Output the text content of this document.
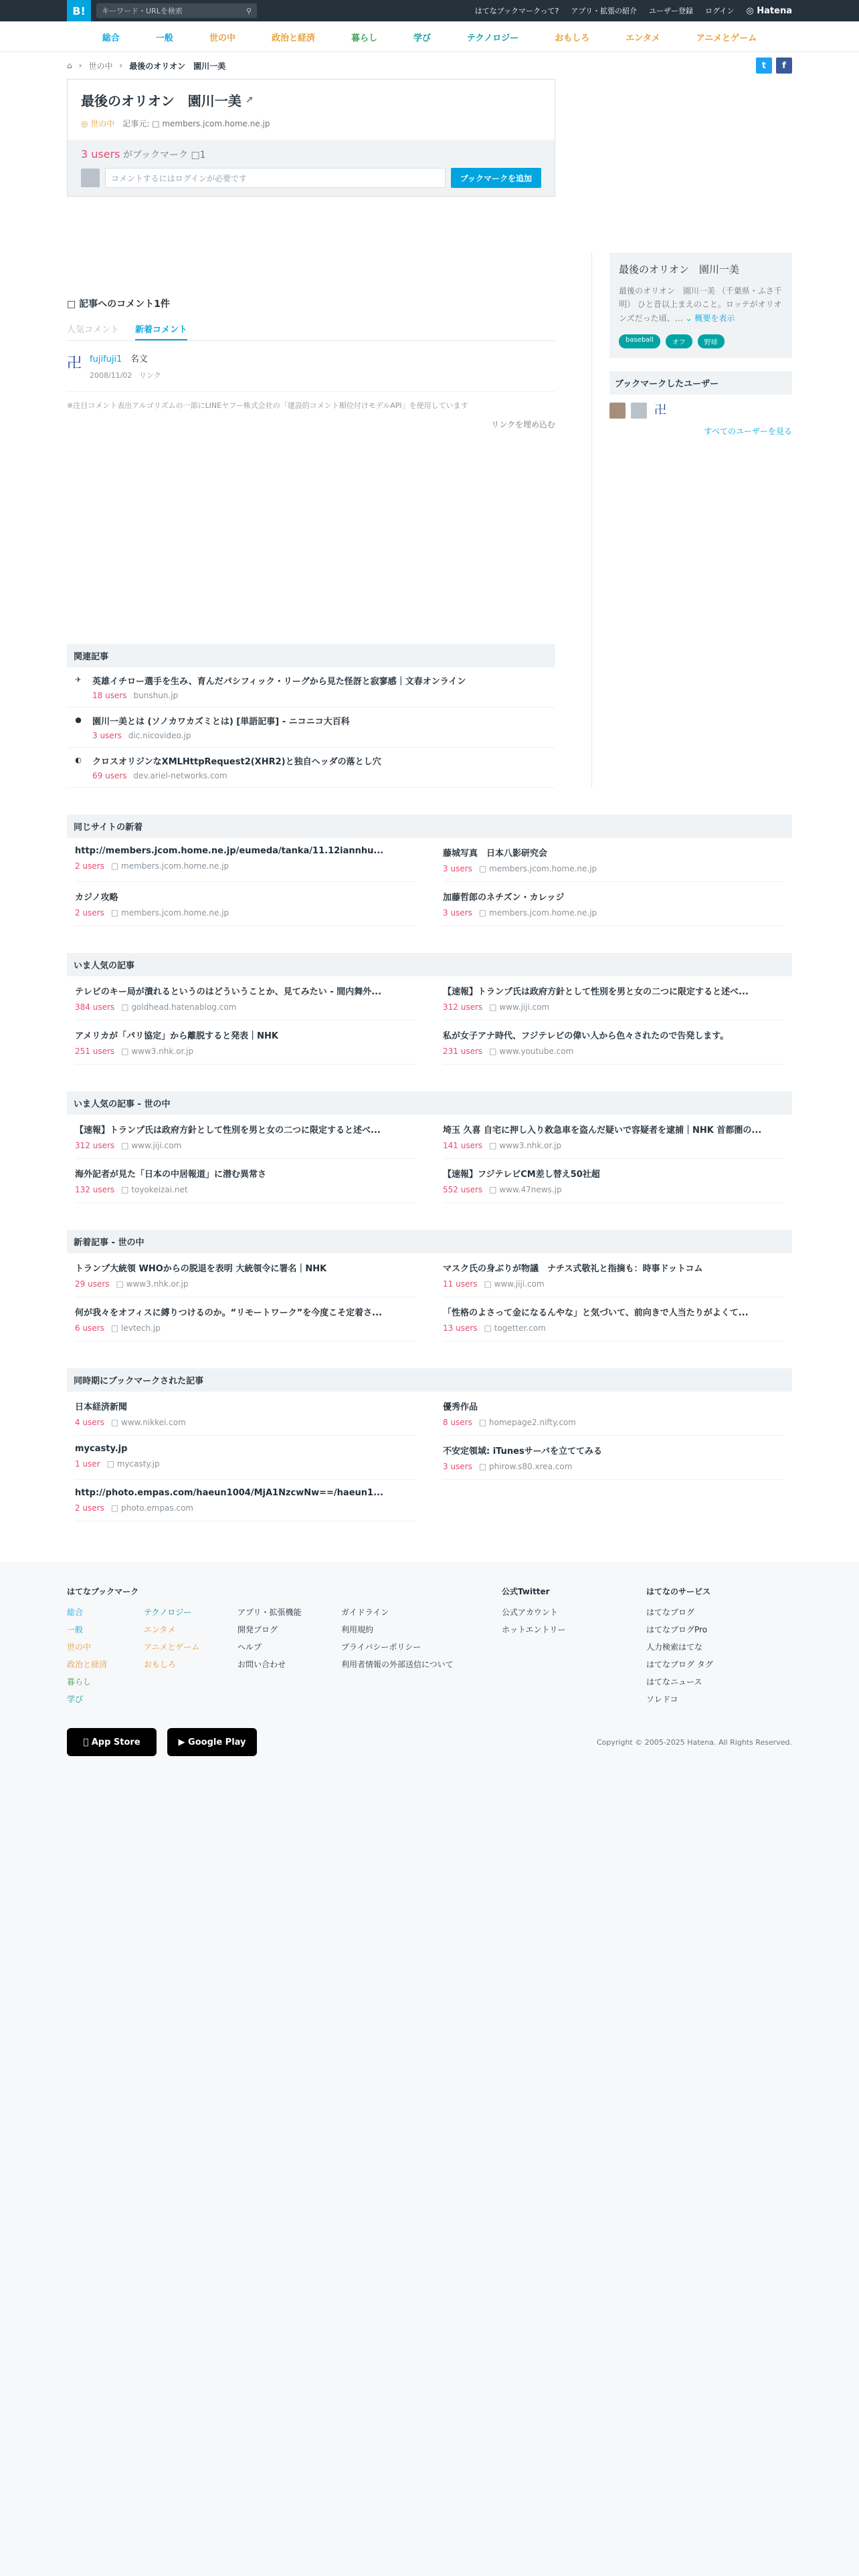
B!	キーワード・URLを検索	⚲	はてなブックマークって? アプリ・拡張の紹介 ユーザー登録 ログイン ◎ Hatena
総合	一般	世の中	政治と経済	暮らし	学び	テクノロジー	おもしろ	エンタメ	アニメとゲーム
⌂ › 世の中 › 最後のオリオン　園川一美	t	f
最後のオリオン　園川一美 ↗
◎ 世の中 記事元: □ members.jcom.home.ne.jp
3 users がブックマーク □1
コメントするにはログインが必要です	ブックマークを追加
□ 記事へのコメント1件
人気コメント 新着コメント
卍 fujifuji1 名文
2008/11/02 リンク
※注目コメント表出アルゴリズムの一部にLINEヤフー株式会社の「建設的コメント順位付けモデルAPI」を使用しています
リンクを埋め込む
関連記事
✈ 英雄イチロー選手を生み、育んだパシフィック・リーグから見た怪訝と寂寥感｜文春オンライン
18 users bunshun.jp
● 園川一美とは (ソノカワカズミとは) [単語記事] - ニコニコ大百科
3 users dic.nicovideo.jp
◐ クロスオリジンなXMLHttpRequest2(XHR2)と独自ヘッダの落とし穴
69 users dev.ariel-networks.com
最後のオリオン　園川一美
最後のオリオン　園川一美 （千葉県・ふさ千明） ひと昔以上まえのこと。ロッテがオリオンズだった頃、… ⌄ 概要を表示
baseball	オフ	野球
ブックマークしたユーザー
卍
すべてのユーザーを見る
同じサイトの新着
http://members.jcom.home.ne.jp/eumeda/tanka/11.12iannhu...
2 users □ members.jcom.home.ne.jp
藤城写真　日本八影研究会
3 users □ members.jcom.home.ne.jp
カジノ攻略
2 users □ members.jcom.home.ne.jp
加藤哲郎のネチズン・カレッジ
3 users □ members.jcom.home.ne.jp
いま人気の記事
テレビのキー局が潰れるというのはどういうことか、見てみたい - 間内舞外...
384 users □ goldhead.hatenablog.com
【速報】トランプ氏は政府方針として性別を男と女の二つに限定すると述べ...
312 users □ www.jiji.com
アメリカが「パリ協定」から離脱すると発表｜NHK
251 users □ www3.nhk.or.jp
私が女子アナ時代、フジテレビの偉い人から色々されたので告発します。
231 users □ www.youtube.com
いま人気の記事 - 世の中
【速報】トランプ氏は政府方針として性別を男と女の二つに限定すると述べ...
312 users □ www.jiji.com
埼玉 久喜 自宅に押し入り救急車を盗んだ疑いで容疑者を逮捕｜NHK 首都圏の...
141 users □ www3.nhk.or.jp
海外記者が見た「日本の中居報道」に潜む異常さ
132 users □ toyokeizai.net
【速報】フジテレビCM差し替え50社超
552 users □ www.47news.jp
新着記事 - 世の中
トランプ大統領 WHOからの脱退を表明 大統領令に署名｜NHK
29 users □ www3.nhk.or.jp
マスク氏の身ぶりが物議　ナチス式敬礼と指摘も：時事ドットコム
11 users □ www.jiji.com
何が我々をオフィスに縛りつけるのか。“リモートワーク”を今度こそ定着さ...
6 users □ levtech.jp
「性格のよさって金になるんやな」と気づいて、前向きで人当たりがよくて...
13 users □ togetter.com
同時期にブックマークされた記事
日本経済新聞
4 users □ www.nikkei.com
優秀作品
8 users □ homepage2.nifty.com
mycasty.jp
1 user □ mycasty.jp
不安定領域: iTunesサーバを立ててみる
3 users □ phirow.s80.xrea.com
http://photo.empas.com/haeun1004/MjA1NzcwNw==/haeun1...
2 users □ photo.empas.com
はてなブックマーク
総合
一般
世の中
政治と経済
暮らし
学び
テクノロジー
エンタメ
アニメとゲーム
おもしろ
アプリ・拡張機能
開発ブログ
ヘルプ
お問い合わせ
ガイドライン
利用規約
プライバシーポリシー
利用者情報の外部送信について
公式Twitter
公式アカウント
ホットエントリー
はてなのサービス
はてなブログ
はてなブログPro
人力検索はてな
はてなブログ タグ
はてなニュース
ソレドコ

App Store	▶
Google Play	Copyright © 2005-2025 Hatena. All Rights Reserved.
